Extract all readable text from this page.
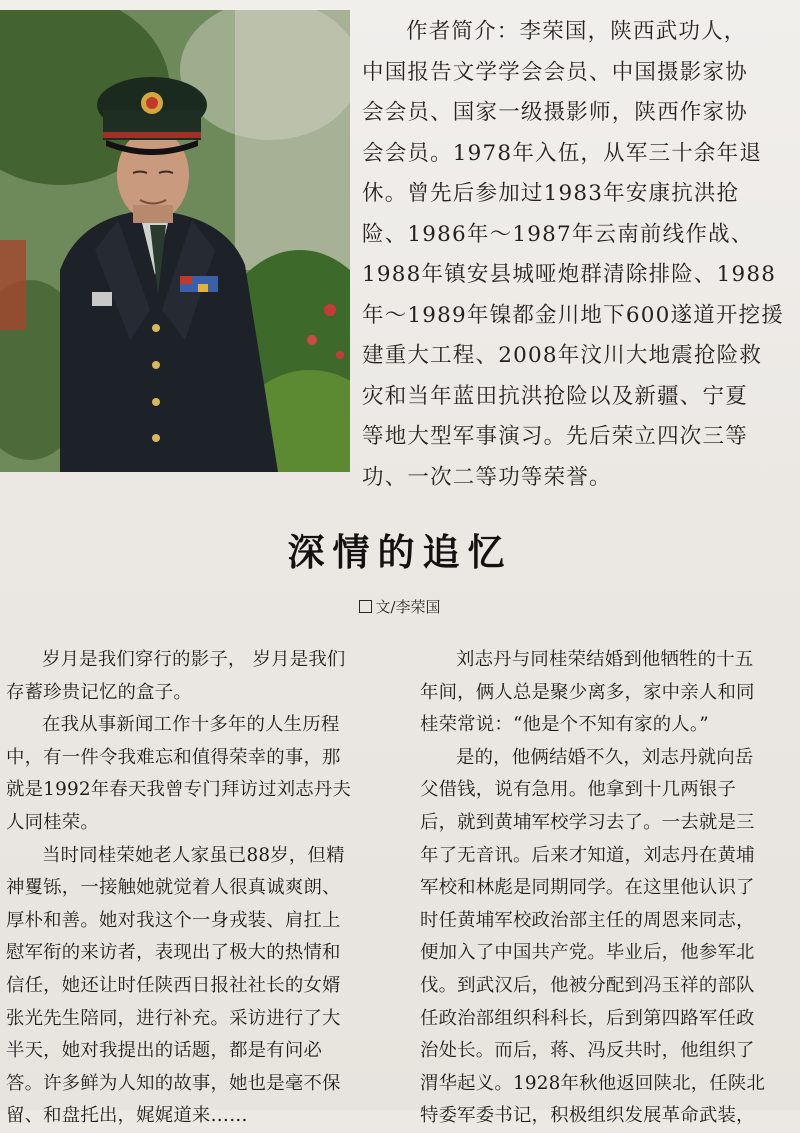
作者简介：李荣国，陕西武功人，
中国报告文学学会会员、中国摄影家协
会会员、国家一级摄影师，陕西作家协
会会员。1978年入伍，从军三十余年退
休。曾先后参加过1983年安康抗洪抢
险、1986年～1987年云南前线作战、
1988年镇安县城哑炮群清除排险、1988
年～1989年镍都金川地下600遂道开挖援
建重大工程、2008年汶川大地震抢险救
灾和当年蓝田抗洪抢险以及新疆、宁夏
等地大型军事演习。先后荣立四次三等
功、一次二等功等荣誉。
深情的追忆
文/李荣国
岁月是我们穿行的影子， 岁月是我们
存蓄珍贵记忆的盒子。
在我从事新闻工作十多年的人生历程
中，有一件令我难忘和值得荣幸的事，那
就是1992年春天我曾专门拜访过刘志丹夫
人同桂荣。
当时同桂荣她老人家虽已88岁，但精
神矍铄，一接触她就觉着人很真诚爽朗、
厚朴和善。她对我这个一身戎装、肩扛上
慰军衔的来访者，表现出了极大的热情和
信任，她还让时任陕西日报社社长的女婿
张光先生陪同，进行补充。采访进行了大
半天，她对我提出的话题，都是有问必
答。许多鲜为人知的故事，她也是毫不保
留、和盘托出，娓娓道来……
刘志丹与同桂荣结婚到他牺牲的十五
年间，俩人总是聚少离多，家中亲人和同
桂荣常说：“他是个不知有家的人。”
是的，他俩结婚不久，刘志丹就向岳
父借钱，说有急用。他拿到十几两银子
后，就到黄埔军校学习去了。一去就是三
年了无音讯。后来才知道，刘志丹在黄埔
军校和林彪是同期同学。在这里他认识了
时任黄埔军校政治部主任的周恩来同志，
便加入了中国共产党。毕业后，他参军北
伐。到武汉后，他被分配到冯玉祥的部队
任政治部组织科科长，后到第四路军任政
治处长。而后，蒋、冯反共时，他组织了
渭华起义。1928年秋他返回陕北，任陕北
特委军委书记，积极组织发展革命武装，
